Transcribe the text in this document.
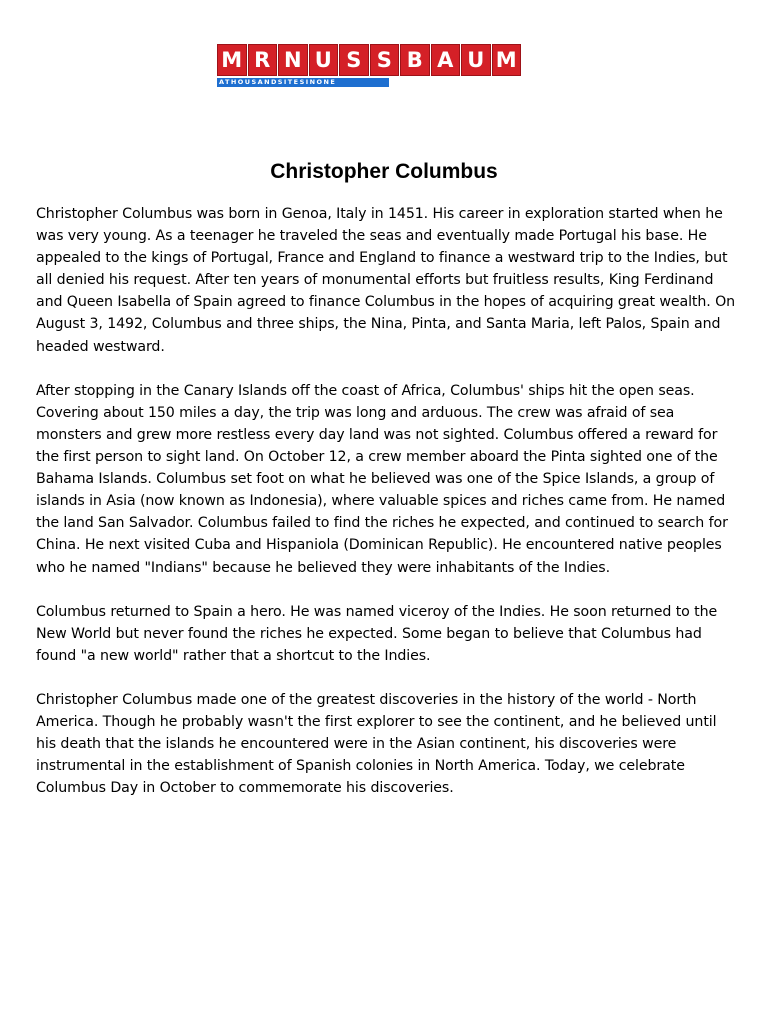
M R N U S S B A U M
ATHOUSANDSITESINONE
Christopher Columbus

Christopher Columbus was born in Genoa, Italy in 1451. His career in exploration started when he was very young. As a teenager he traveled the seas and eventually made Portugal his base. He appealed to the kings of Portugal, France and England to finance a westward trip to the Indies, but all denied his request. After ten years of monumental efforts but fruitless results, King Ferdinand and Queen Isabella of Spain agreed to finance Columbus in the hopes of acquiring great wealth. On August 3, 1492, Columbus and three ships, the Nina, Pinta, and Santa Maria, left Palos, Spain and headed westward.

After stopping in the Canary Islands off the coast of Africa, Columbus' ships hit the open seas. Covering about 150 miles a day, the trip was long and arduous. The crew was afraid of sea monsters and grew more restless every day land was not sighted. Columbus offered a reward for the first person to sight land. On October 12, a crew member aboard the Pinta sighted one of the Bahama Islands. Columbus set foot on what he believed was one of the Spice Islands, a group of islands in Asia (now known as Indonesia), where valuable spices and riches came from. He named the land San Salvador. Columbus failed to find the riches he expected, and continued to search for China. He next visited Cuba and Hispaniola (Dominican Republic). He encountered native peoples who he named "Indians" because he believed they were inhabitants of the Indies.

Columbus returned to Spain a hero. He was named viceroy of the Indies. He soon returned to the New World but never found the riches he expected. Some began to believe that Columbus had found "a new world" rather that a shortcut to the Indies.

Christopher Columbus made one of the greatest discoveries in the history of the world - North America. Though he probably wasn't the first explorer to see the continent, and he believed until his death that the islands he encountered were in the Asian continent, his discoveries were instrumental in the establishment of Spanish colonies in North America. Today, we celebrate Columbus Day in October to commemorate his discoveries.
